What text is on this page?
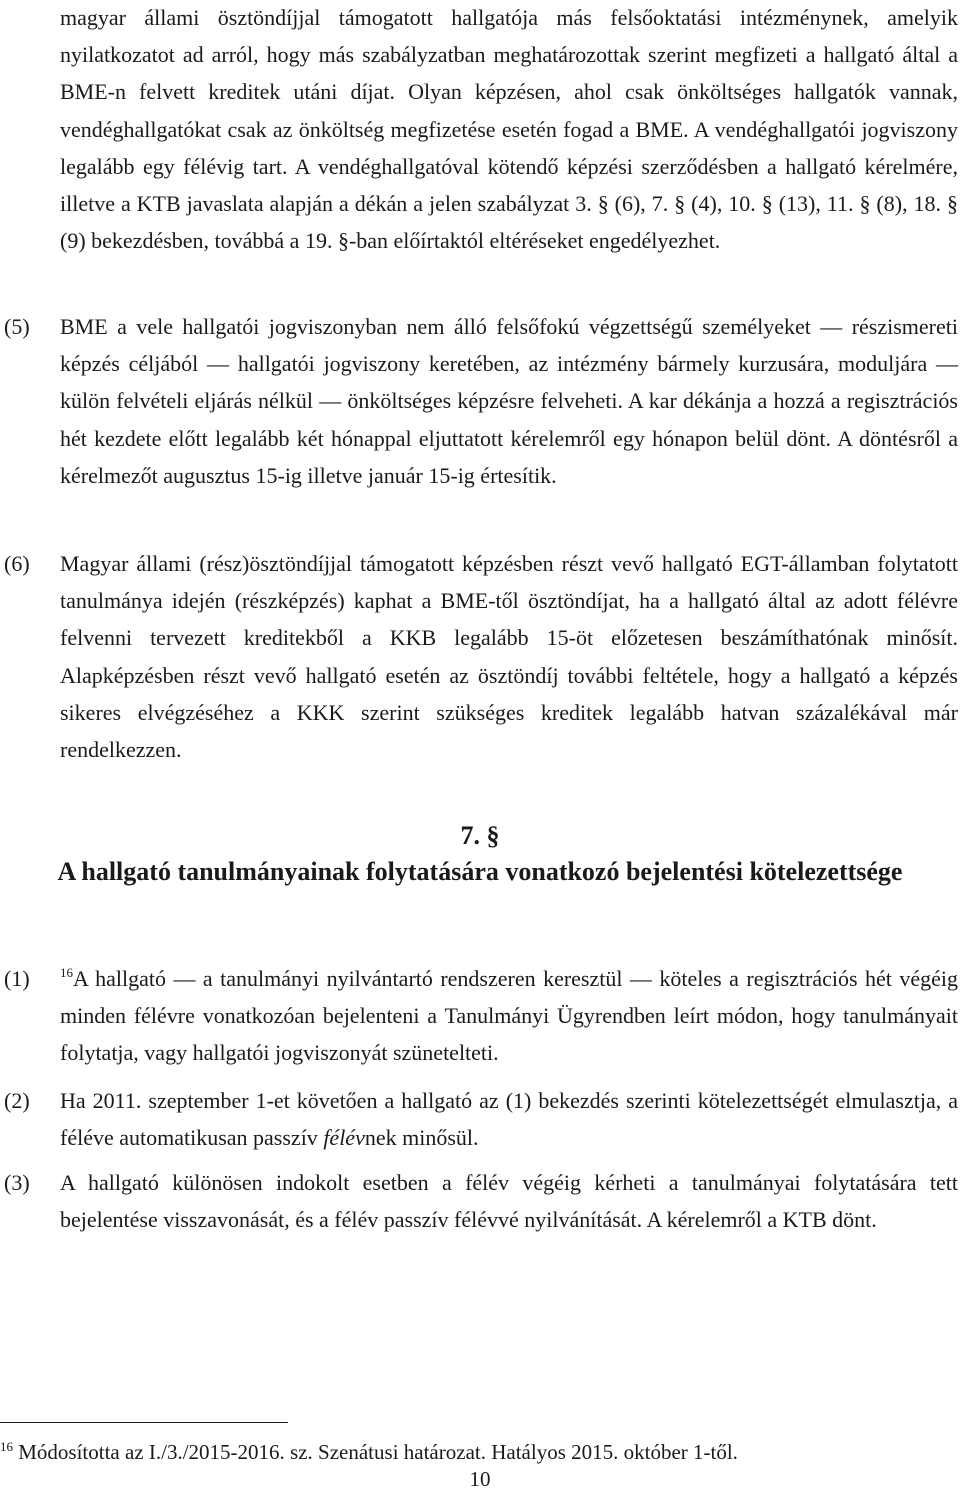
magyar állami ösztöndíjjal támogatott hallgatója más felsőoktatási intézménynek, amelyik nyilatkozatot ad arról, hogy más szabályzatban meghatározottak szerint megfizeti a hallgató által a BME-n felvett kreditek utáni díjat. Olyan képzésen, ahol csak önköltséges hallgatók vannak, vendéghallgatókat csak az önköltség megfizetése esetén fogad a BME. A vendéghallgatói jogviszony legalább egy félévig tart. A vendéghallgatóval kötendő képzési szerződésben a hallgató kérelmére, illetve a KTB javaslata alapján a dékán a jelen szabályzat 3. § (6), 7. § (4), 10. § (13), 11. § (8), 18. § (9) bekezdésben, továbbá a 19. §-ban előírtaktól eltéréseket engedélyezhet.

(5) BME a vele hallgatói jogviszonyban nem álló felsőfokú végzettségű személyeket — részismereti képzés céljából — hallgatói jogviszony keretében, az intézmény bármely kurzusára, moduljára — külön felvételi eljárás nélkül — önköltséges képzésre felveheti. A kar dékánja a hozzá a regisztrációs hét kezdete előtt legalább két hónappal eljuttatott kérelemről egy hónapon belül dönt. A döntésről a kérelmezőt augusztus 15-ig illetve január 15-ig értesítik.

(6) Magyar állami (rész)ösztöndíjjal támogatott képzésben részt vevő hallgató EGT-államban folytatott tanulmánya idején (részképzés) kaphat a BME-től ösztöndíjat, ha a hallgató által az adott félévre felvenni tervezett kreditekből a KKB legalább 15-öt előzetesen beszámíthatónak minősít. Alapképzésben részt vevő hallgató esetén az ösztöndíj további feltétele, hogy a hallgató a képzés sikeres elvégzéséhez a KKK szerint szükséges kreditek legalább hatvan százalékával már rendelkezzen.

7. §
A hallgató tanulmányainak folytatására vonatkozó bejelentési kötelezettsége
(1) $^{16}$A hallgató — a tanulmányi nyilvántartó rendszeren keresztül — köteles a regisztrációs hét végéig minden félévre vonatkozóan bejelenteni a Tanulmányi Ügyrendben leírt módon, hogy tanulmányait folytatja, vagy hallgatói jogviszonyát szünetelteti.

(2) Ha 2011. szeptember 1-et követően a hallgató az (1) bekezdés szerinti kötelezettségét elmulasztja, a féléve automatikusan passzív félévnek minősül.

(3) A hallgató különösen indokolt esetben a félév végéig kérheti a tanulmányai folytatására tett bejelentése visszavonását, és a félév passzív félévvé nyilvánítását. A kérelemről a KTB dönt.

$^{16}$ Módosította az I./3./2015-2016. sz. Szenátusi határozat. Hatályos 2015. október 1-től.
10
